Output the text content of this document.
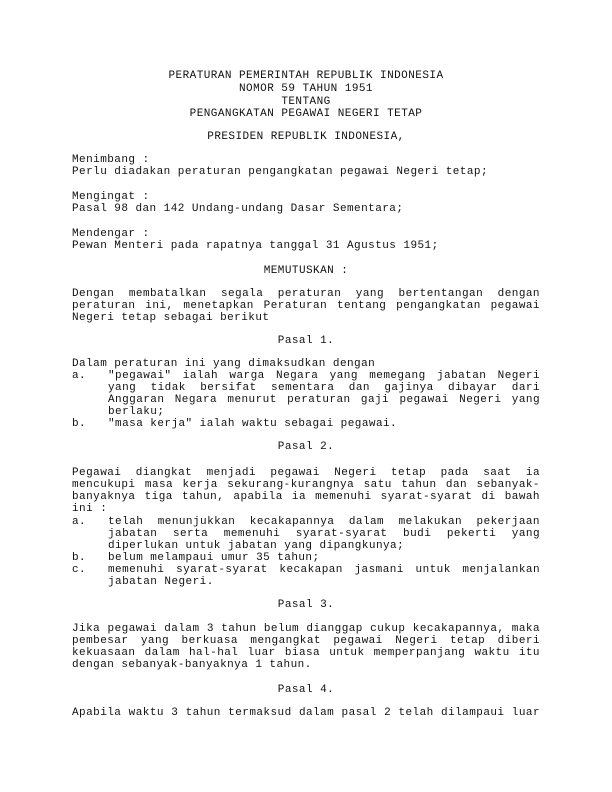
PERATURAN PEMERINTAH REPUBLIK INDONESIA
NOMOR 59 TAHUN 1951
TENTANG
PENGANGKATAN PEGAWAI NEGERI TETAP
PRESIDEN REPUBLIK INDONESIA,
Menimbang :
Perlu diadakan peraturan pengangkatan pegawai Negeri tetap;
Mengingat :
Pasal 98 dan 142 Undang-undang Dasar Sementara;
Mendengar :
Pewan Menteri pada rapatnya tanggal 31 Agustus 1951;
MEMUTUSKAN :
Dengan membatalkan segala peraturan yang bertentangan dengan
peraturan ini, menetapkan Peraturan tentang pengangkatan pegawai
Negeri tetap sebagai berikut
Pasal 1.
Dalam peraturan ini yang dimaksudkan dengan
a. "pegawai" ialah warga Negara yang memegang jabatan Negeri
yang tidak bersifat sementara dan gajinya dibayar dari
Anggaran Negara menurut peraturan gaji pegawai Negeri yang
berlaku;
b. "masa kerja" ialah waktu sebagai pegawai.
Pasal 2.
Pegawai diangkat menjadi pegawai Negeri tetap pada saat ia
mencukupi masa kerja sekurang-kurangnya satu tahun dan sebanyak-
banyaknya tiga tahun, apabila ia memenuhi syarat-syarat di bawah
ini :
a. telah menunjukkan kecakapannya dalam melakukan pekerjaan
jabatan serta memenuhi syarat-syarat budi pekerti yang
diperlukan untuk jabatan yang dipangkunya;
b. belum melampaui umur 35 tahun;
c. memenuhi syarat-syarat kecakapan jasmani untuk menjalankan
jabatan Negeri.
Pasal 3.
Jika pegawai dalam 3 tahun belum dianggap cukup kecakapannya, maka
pembesar yang berkuasa mengangkat pegawai Negeri tetap diberi
kekuasaan dalam hal-hal luar biasa untuk memperpanjang waktu itu
dengan sebanyak-banyaknya 1 tahun.
Pasal 4.
Apabila waktu 3 tahun termaksud dalam pasal 2 telah dilampaui luar
